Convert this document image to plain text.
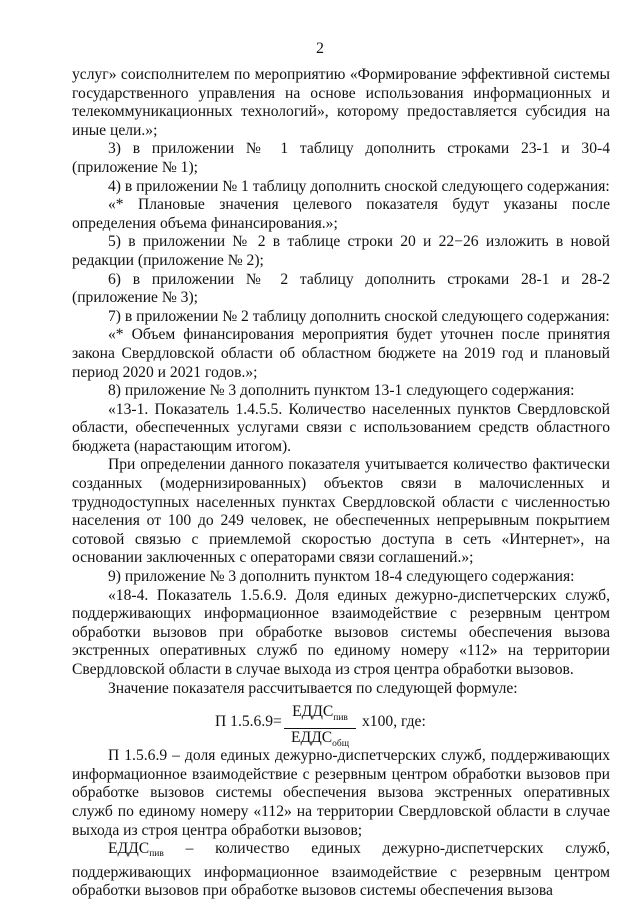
2

услуг» соисполнителем по мероприятию «Формирование эффективной системы государственного управления на основе использования информационных и телекоммуникационных технологий», которому предоставляется субсидия на иные цели.»;

3) в приложении № 1 таблицу дополнить строками 23-1 и 30-4 (приложение № 1);

4) в приложении № 1 таблицу дополнить сноской следующего содержания:

«* Плановые значения целевого показателя будут указаны после определения объема финансирования.»;

5) в приложении № 2 в таблице строки 20 и 22−26 изложить в новой редакции (приложение № 2);

6) в приложении № 2 таблицу дополнить строками 28-1 и 28-2 (приложение № 3);

7) в приложении № 2 таблицу дополнить сноской следующего содержания:

«* Объем финансирования мероприятия будет уточнен после принятия закона Свердловской области об областном бюджете на 2019 год и плановый период 2020 и 2021 годов.»;

8) приложение № 3 дополнить пунктом 13-1 следующего содержания:

«13-1. Показатель 1.4.5.5. Количество населенных пунктов Свердловской области, обеспеченных услугами связи с использованием средств областного бюджета (нарастающим итогом).

При определении данного показателя учитывается количество фактически созданных (модернизированных) объектов связи в малочисленных и труднодоступных населенных пунктах Свердловской области с численностью населения от 100 до 249 человек, не обеспеченных непрерывным покрытием сотовой связью с приемлемой скоростью доступа в сеть «Интернет», на основании заключенных с операторами связи соглашений.»;

9) приложение № 3 дополнить пунктом 18-4 следующего содержания:

«18-4. Показатель 1.5.6.9. Доля единых дежурно-диспетчерских служб, поддерживающих информационное взаимодействие с резервным центром обработки вызовов при обработке вызовов системы обеспечения вызова экстренных оперативных служб по единому номеру «112» на территории Свердловской области в случае выхода из строя центра обработки вызовов.

Значение показателя рассчитывается по следующей формуле:

П 1.5.6.9=
$ЕДДС_{пив}$
$ЕДДС_{общ}$
x100, где:

П 1.5.6.9 – доля единых дежурно-диспетчерских служб, поддерживающих информационное взаимодействие с резервным центром обработки вызовов при обработке вызовов системы обеспечения вызова экстренных оперативных служб по единому номеру «112» на территории Свердловской области в случае выхода из строя центра обработки вызовов;

$ЕДДС_{пив}$ – количество единых дежурно-диспетчерских служб, поддерживающих информационное взаимодействие с резервным центром обработки вызовов при обработке вызовов системы обеспечения вызова
